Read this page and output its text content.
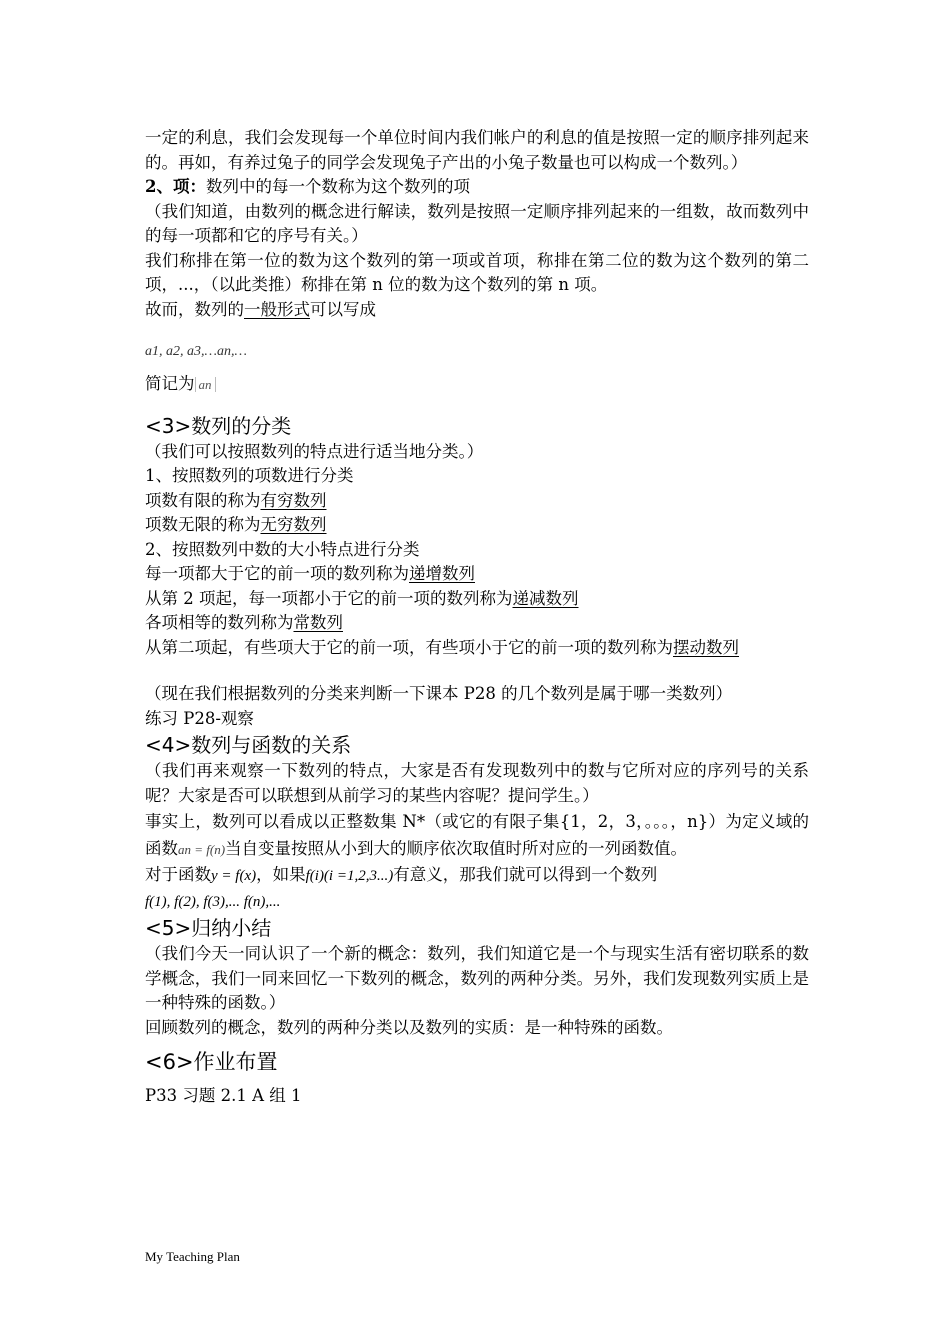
一定的利息，我们会发现每一个单位时间内我们帐户的利息的值是按照一定的顺序排列起来的。再如，有养过兔子的同学会发现兔子产出的小兔子数量也可以构成一个数列。）

2、项：数列中的每一个数称为这个数列的项

（我们知道，由数列的概念进行解读，数列是按照一定顺序排列起来的一组数，故而数列中的每一项都和它的序号有关。）

我们称排在第一位的数为这个数列的第一项或首项，称排在第二位的数为这个数列的第二项，...，（以此类推）称排在第 n 位的数为这个数列的第 n 项。

故而，数列的一般形式可以写成

a1, a2, a3,…an,…

简记为 an

<3>数列的分类

（我们可以按照数列的特点进行适当地分类。）

1、按照数列的项数进行分类

项数有限的称为有穷数列

项数无限的称为无穷数列

2、按照数列中数的大小特点进行分类

每一项都大于它的前一项的数列称为递增数列

从第 2 项起，每一项都小于它的前一项的数列称为递减数列

各项相等的数列称为常数列

从第二项起，有些项大于它的前一项，有些项小于它的前一项的数列称为摆动数列

（现在我们根据数列的分类来判断一下课本 P28 的几个数列是属于哪一类数列）

练习 P28-观察

<4>数列与函数的关系

（我们再来观察一下数列的特点，大家是否有发现数列中的数与它所对应的序列号的关系呢？大家是否可以联想到从前学习的某些内容呢？提问学生。）

事实上，数列可以看成以正整数集 N*（或它的有限子集{1，2，3，。。。，n}）为定义域的函数an = f(n)当自变量按照从小到大的顺序依次取值时所对应的一列函数值。

对于函数y = f(x)，如果f(i)(i =1,2,3...)有意义，那我们就可以得到一个数列

f(1), f(2), f(3),... f(n),...

<5>归纳小结

（我们今天一同认识了一个新的概念：数列，我们知道它是一个与现实生活有密切联系的数学概念，我们一同来回忆一下数列的概念，数列的两种分类。另外，我们发现数列实质上是一种特殊的函数。）

回顾数列的概念，数列的两种分类以及数列的实质：是一种特殊的函数。

<6>作业布置

P33 习题 2.1 A 组 1

My Teaching Plan
